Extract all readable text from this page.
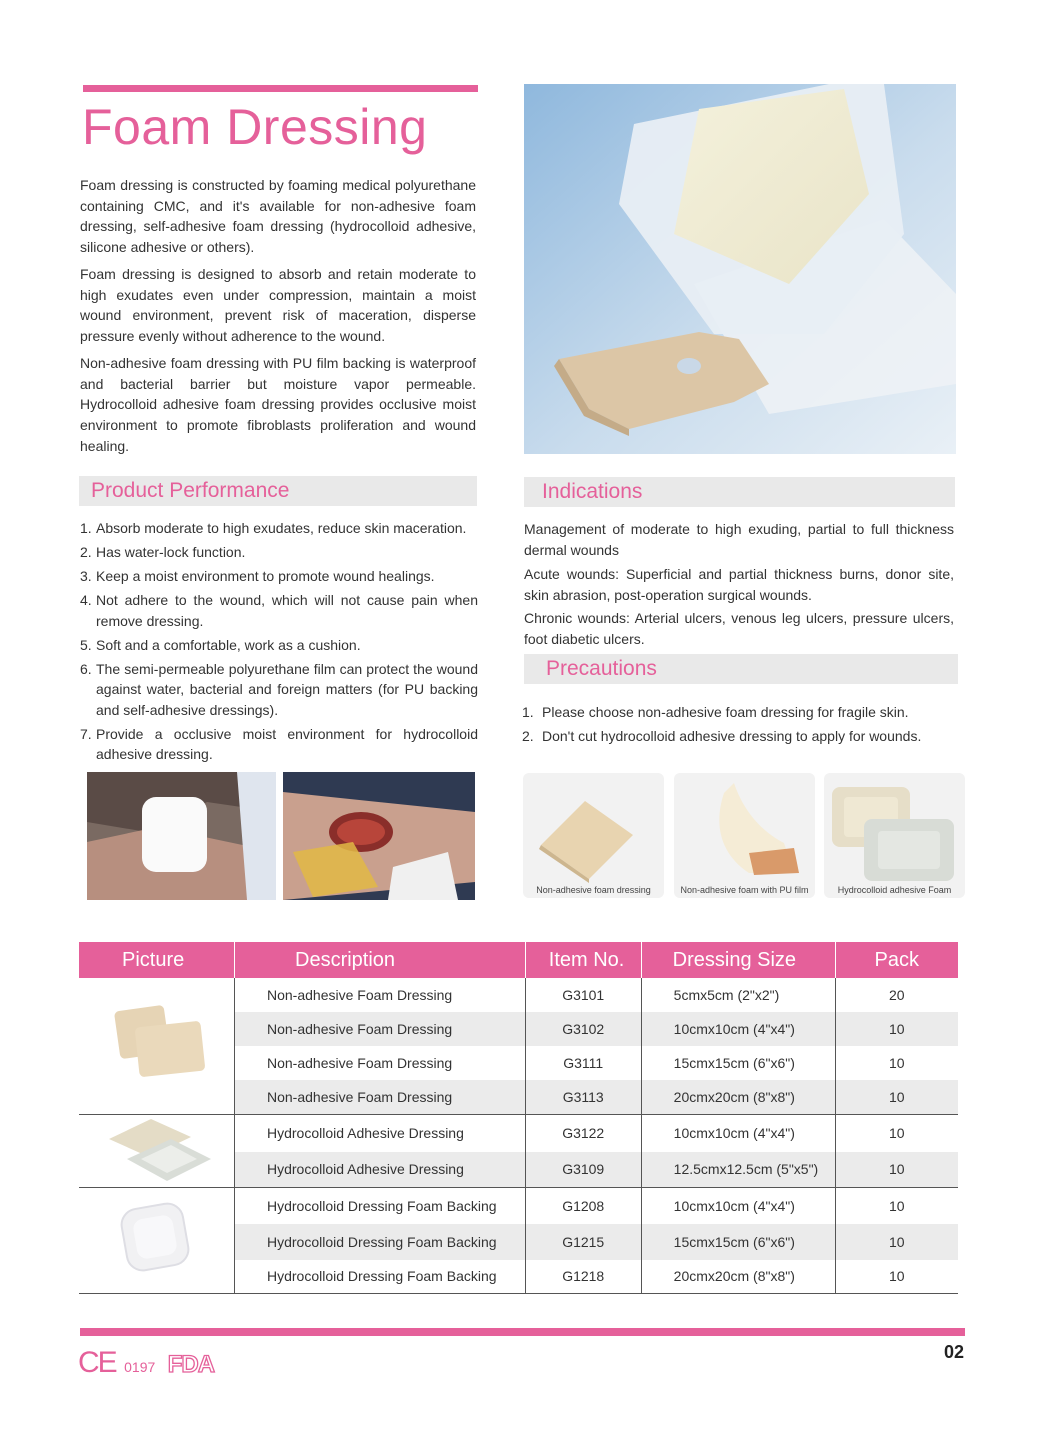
Foam Dressing
Foam dressing is constructed by foaming medical polyurethane containing CMC, and it's available for non-adhesive foam dressing, self-adhesive foam dressing (hydrocolloid adhesive, silicone adhesive or others).
Foam dressing is designed to absorb and retain moderate to high exudates even under compression, maintain a moist wound environment, prevent risk of maceration, disperse pressure evenly without adherence to the wound.
Non-adhesive foam dressing with PU film backing is waterproof and bacterial barrier but moisture vapor permeable. Hydrocolloid adhesive foam dressing provides occlusive moist environment to promote fibroblasts proliferation and wound healing.
Product Performance
1. Absorb moderate to high exudates, reduce skin maceration.
2. Has water-lock function.
3. Keep a moist environment to promote wound healings.
4. Not adhere to the wound, which will not cause pain when remove dressing.
5. Soft and a comfortable, work as a cushion.
6. The semi-permeable polyurethane film can protect the wound against water, bacterial and foreign matters (for PU backing and self-adhesive dressings).
7. Provide a occlusive moist environment for hydrocolloid adhesive dressing.
Indications

Management of moderate to high exuding, partial to full thickness dermal wounds

Acute wounds: Superficial and partial thickness burns, donor site, skin abrasion, post-operation surgical wounds.

Chronic wounds: Arterial ulcers, venous leg ulcers, pressure ulcers, foot diabetic ulcers.

Precautions
1. Please choose non-adhesive foam dressing for fragile skin.
2. Don't cut hydrocolloid adhesive dressing to apply for wounds.
Non-adhesive foam dressing	Non-adhesive foam with PU film	Hydrocolloid adhesive Foam
Picture	Description	Item No.	Dressing Size	Pack

	Non-adhesive Foam Dressing	G3101	5cmx5cm (2"x2")	20
	Non-adhesive Foam Dressing	G3102	10cmx10cm (4"x4")	10
	Non-adhesive Foam Dressing	G3111	15cmx15cm (6"x6")	10
	Non-adhesive Foam Dressing	G3113	20cmx20cm (8"x8")	10

	Hydrocolloid Adhesive Dressing	G3122	10cmx10cm (4"x4")	10
	Hydrocolloid Adhesive Dressing	G3109	12.5cmx12.5cm (5"x5")	10

	Hydrocolloid Dressing Foam Backing	G1208	10cmx10cm (4"x4")	10
	Hydrocolloid Dressing Foam Backing	G1215	15cmx15cm (6"x6")	10
	Hydrocolloid Dressing Foam Backing	G1218	20cmx20cm (8"x8")	10
CE 0197 FDA	02
